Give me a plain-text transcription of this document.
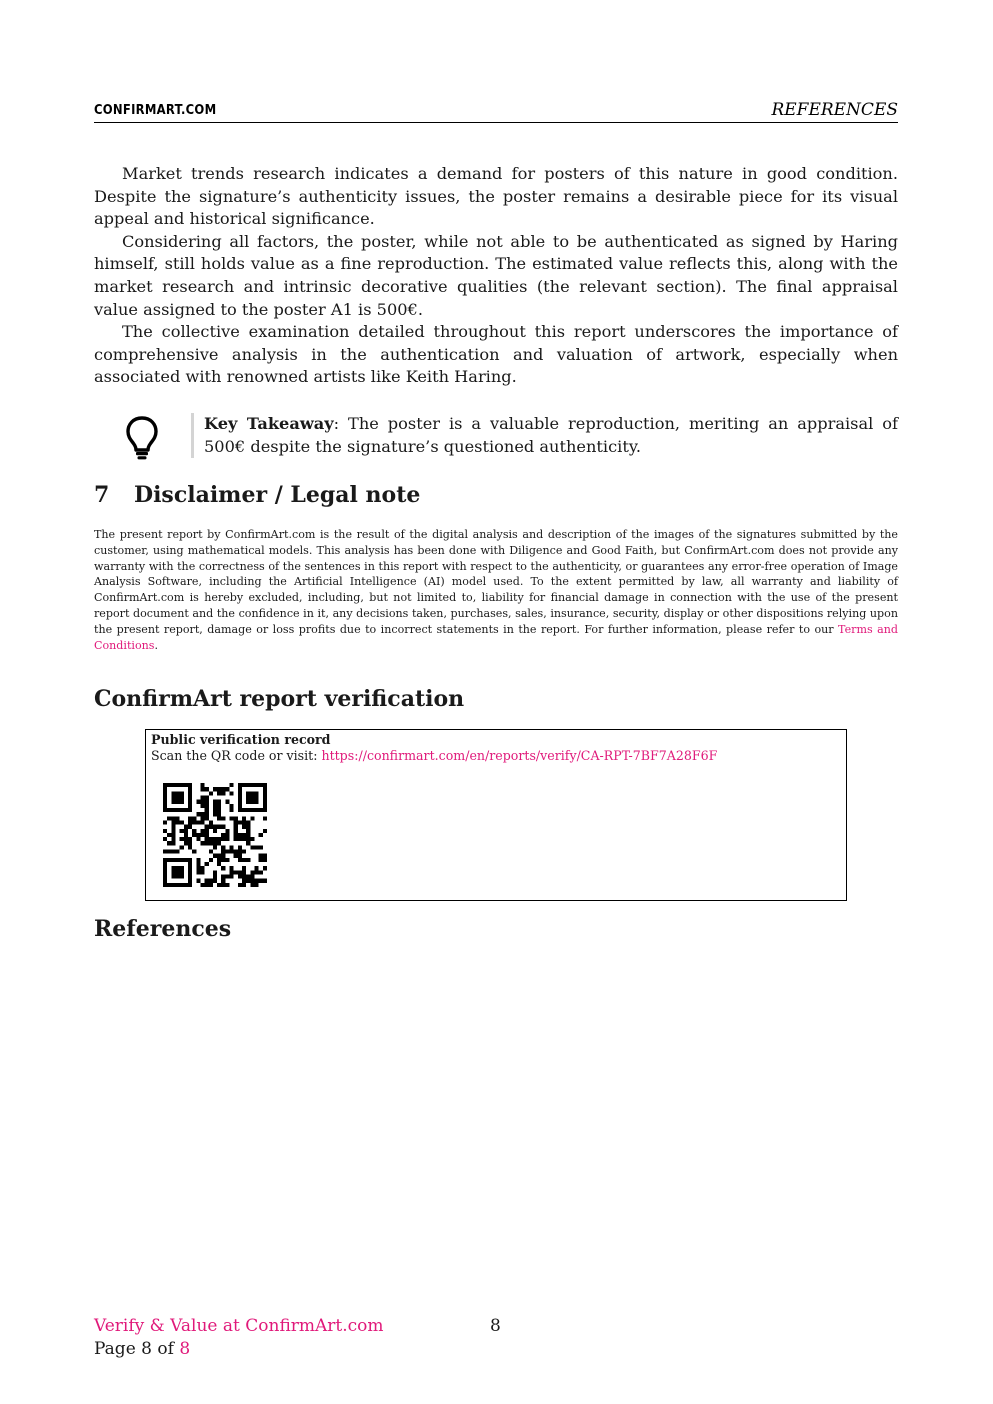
CONFIRMART.COM	REFERENCES

Market trends research indicates a demand for posters of this nature in good condition. Despite the signature’s authenticity issues, the poster remains a desirable piece for its visual appeal and historical significance.

Considering all factors, the poster, while not able to be authenticated as signed by Haring himself, still holds value as a fine reproduction. The estimated value reflects this, along with the market research and intrinsic decorative qualities (the relevant section). The final appraisal value assigned to the poster A1 is 500€.

The collective examination detailed throughout this report underscores the importance of comprehensive analysis in the authentication and valuation of artwork, especially when associated with renowned artists like Keith Haring.

Key Takeaway: The poster is a valuable reproduction, meriting an appraisal of 500€ despite the signature’s questioned authenticity.
7 Disclaimer / Legal note

The present report by ConfirmArt.com is the result of the digital analysis and description of the images of the signatures submitted by the customer, using mathematical models. This analysis has been done with Diligence and Good Faith, but ConfirmArt.com does not provide any warranty with the correctness of the sentences in this report with respect to the authenticity, or guarantees any error-free operation of Image Analysis Software, including the Artificial Intelligence (AI) model used. To the extent permitted by law, all warranty and liability of ConfirmArt.com is hereby excluded, including, but not limited to, liability for financial damage in connection with the use of the present report document and the confidence in it, any decisions taken, purchases, sales, insurance, security, display or other dispositions relying upon the present report, damage or loss profits due to incorrect statements in the report. For further information, please refer to our Terms and Conditions.

ConfirmArt report verification
Public verification record
Scan the QR code or visit: https://confirmart.com/en/reports/verify/CA-RPT-7BF7A28F6F
References
Verify & Value at ConfirmArt.com	8
Page 8 of 8
